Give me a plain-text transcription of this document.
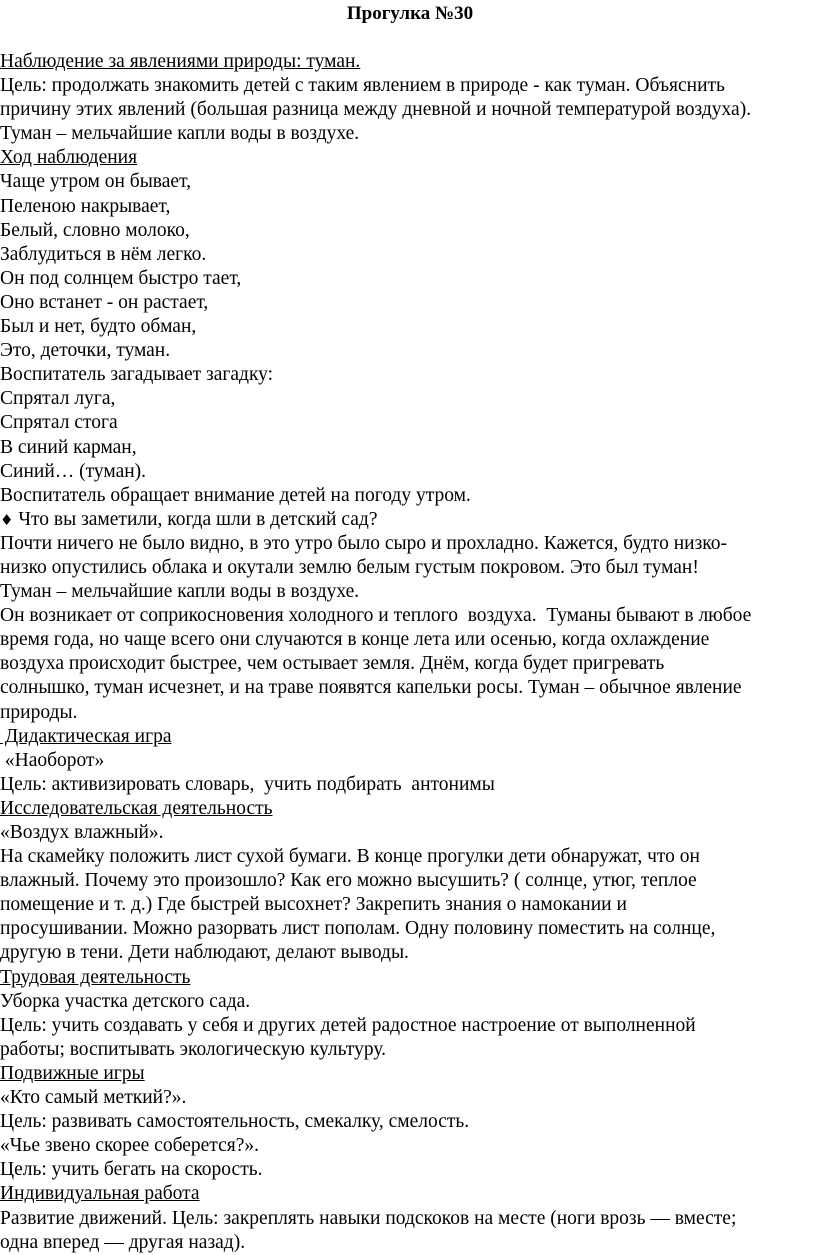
Прогулка №30
Наблюдение за явлениями природы: туман.
Цель: продолжать знакомить детей с таким явлением в природе - как туман. Объяснить
причину этих явлений (большая разница между дневной и ночной температурой воздуха).
Туман – мельчайшие капли воды в воздухе.
Ход наблюдения
Чаще утром он бывает,
Пеленою накрывает,
Белый, словно молоко,
Заблудиться в нём легко.
Он под солнцем быстро тает,
Оно встанет - он растает,
Был и нет, будто обман,
Это, деточки, туман.
Воспитатель загадывает загадку:
Спрятал луга,
Спрятал стога
В синий карман,
Синий… (туман).
Воспитатель обращает внимание детей на погоду утром.
♦ Что вы заметили, когда шли в детский сад?
Почти ничего не было видно, в это утро было сыро и прохладно. Кажется, будто низко-
низко опустились облака и окутали землю белым густым покровом. Это был туман!
Туман – мельчайшие капли воды в воздухе.
Он возникает от соприкосновения холодного и теплого  воздуха.  Туманы бывают в любое
время года, но чаще всего они случаются в конце лета или осенью, когда охлаждение
воздуха происходит быстрее, чем остывает земля. Днём, когда будет пригревать
солнышко, туман исчезнет, и на траве появятся капельки росы. Туман – обычное явление
природы.
Дидактическая игра
«Наоборот»
Цель: активизировать словарь,  учить подбирать  антонимы
Исследовательская деятельность
«Воздух влажный».
На скамейку положить лист сухой бумаги. В конце прогулки дети обнаружат, что он
влажный. Почему это произошло? Как его можно высушить? ( солнце, утюг, теплое
помещение и т. д.) Где быстрей высохнет? Закрепить знания о намокании и
просушивании. Можно разорвать лист пополам. Одну половину поместить на солнце,
другую в тени. Дети наблюдают, делают выводы.
Трудовая деятельность
Уборка участка детского сада.
Цель: учить создавать у себя и других детей радостное настроение от выполненной
работы; воспитывать экологическую культуру.
Подвижные игры
«Кто самый меткий?».
Цель: развивать самостоятельность, смекалку, смелость.
«Чье звено скорее соберется?».
Цель: учить бегать на скорость.
Индивидуальная работа
Развитие движений. Цель: закреплять навыки подскоков на месте (ноги врозь — вместе;
одна вперед — другая назад).
